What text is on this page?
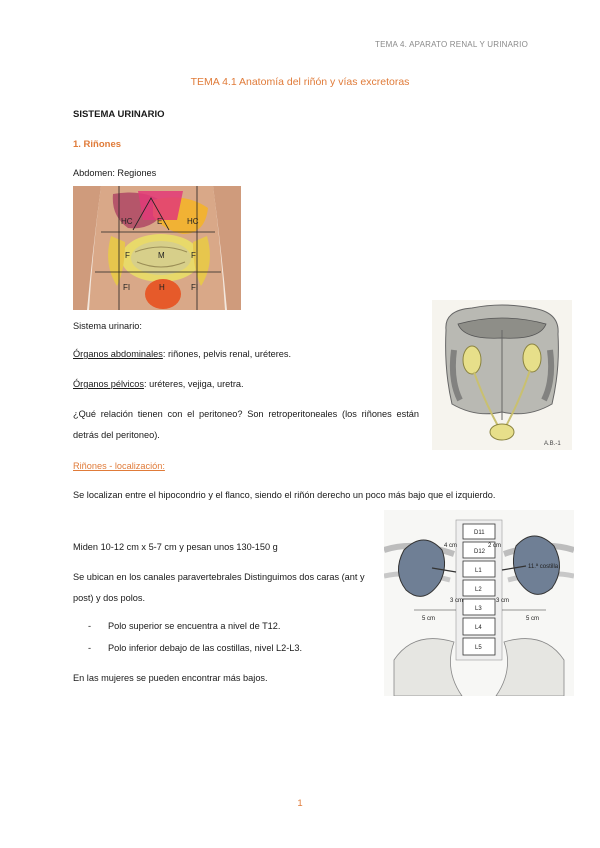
TEMA 4. APARATO RENAL Y URINARIO
TEMA 4.1 Anatomía del riñón y vías excretoras
SISTEMA URINARIO
1. Riñones
Abdomen: Regiones
HC	E	HC
F	M	F
FI	H	FI
Sistema urinario:
Órganos abdominales: riñones, pelvis renal, uréteres.
Órganos pélvicos: uréteres, vejiga, uretra.
¿Qué relación tienen con el peritoneo? Son retroperitoneales (los riñones están detrás del peritoneo).
A.B.-1
Riñones - localización:
Se localizan entre el hipocondrio y el flanco, siendo el riñón derecho un poco más bajo que el izquierdo.
Miden 10-12 cm x 5-7 cm y pesan unos 130-150 g
Se ubican en los canales paravertebrales Distinguimos dos caras (ant y post) y dos polos.
-	Polo superior se encuentra a nivel de T12.
-	Polo inferior debajo de las costillas, nivel L2-L3.
En las mujeres se pueden encontrar más bajos.
D11
D12
L1
L2
L3
L4
L5
11.ª costilla
4 cm	2 cm
3 cm	3 cm
5 cm	5 cm
1
